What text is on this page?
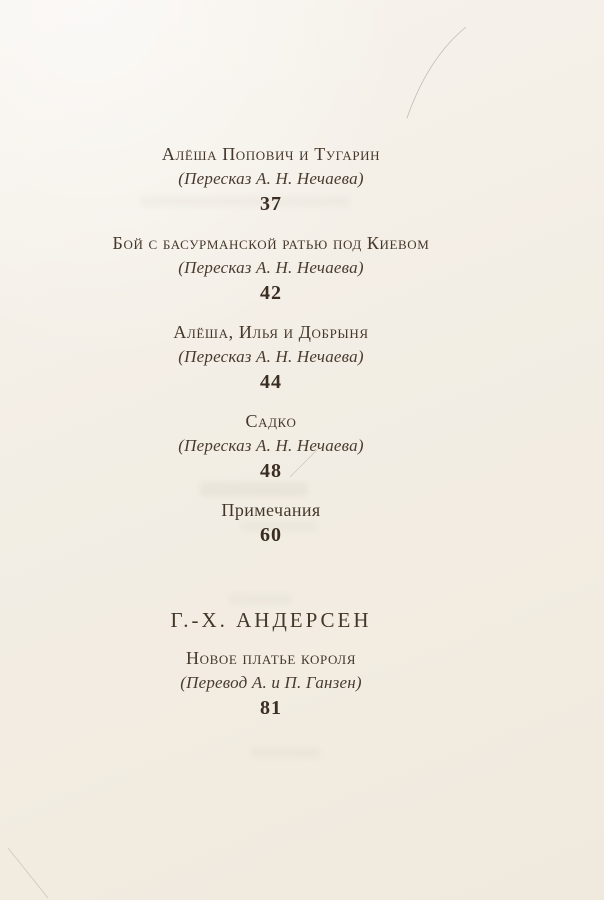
Алёша Попович и Тугарин
(Пересказ А. Н. Нечаева)
37
Бой с басурманской ратью под Киевом
(Пересказ А. Н. Нечаева)
42
Алёша, Илья и Добрыня
(Пересказ А. Н. Нечаева)
44
Садко
(Пересказ А. Н. Нечаева)
48
Примечания
60
Г.-Х. АНДЕРСЕН
Новое платье короля
(Перевод А. и П. Ганзен)
81
